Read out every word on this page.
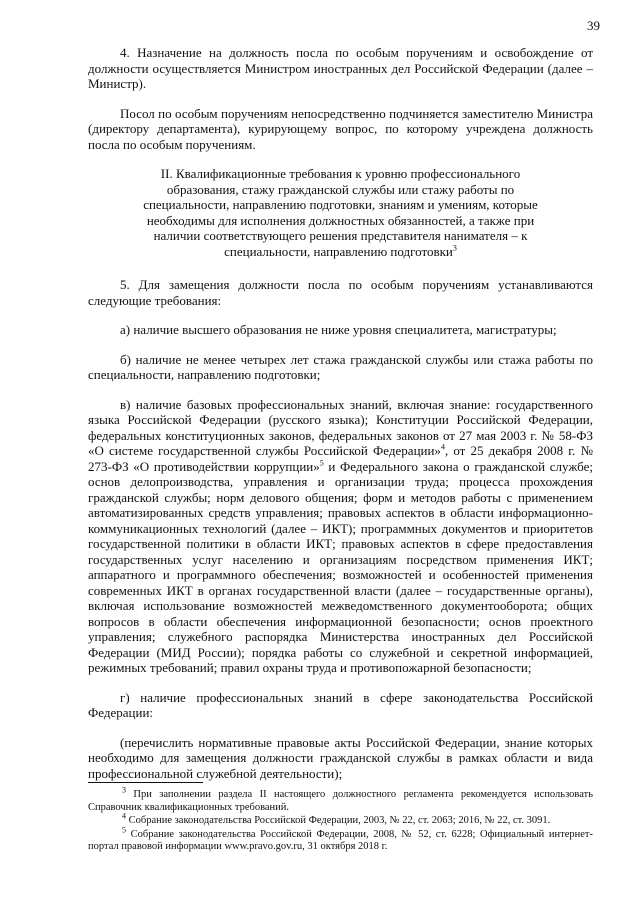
39

4. Назначение на должность посла по особым поручениям и освобождение от должности осуществляется Министром иностранных дел Российской Федерации (далее – Министр).

Посол по особым поручениям непосредственно подчиняется заместителю Министра (директору департамента), курирующему вопрос, по которому учреждена должность посла по особым поручениям.

II. Квалификационные требования к уровню профессионального образования, стажу гражданской службы или стажу работы по специальности, направлению подготовки, знаниям и умениям, которые необходимы для исполнения должностных обязанностей, а также при наличии соответствующего решения представителя нанимателя – к специальности, направлению подготовки$^3$

5. Для замещения должности посла по особым поручениям устанавливаются следующие требования:

а) наличие высшего образования не ниже уровня специалитета, магистратуры;

б) наличие не менее четырех лет стажа гражданской службы или стажа работы по специальности, направлению подготовки;

в) наличие базовых профессиональных знаний, включая знание: государственного языка Российской Федерации (русского языка); Конституции Российской Федерации, федеральных конституционных законов, федеральных законов от 27 мая 2003 г. № 58-ФЗ «О системе государственной службы Российской Федерации»$^4$, от 25 декабря 2008 г. № 273-ФЗ «О противодействии коррупции»$^5$ и Федерального закона о гражданской службе; основ делопроизводства, управления и организации труда; процесса прохождения гражданской службы; норм делового общения; форм и методов работы с применением автоматизированных средств управления; правовых аспектов в области информационно-коммуникационных технологий (далее – ИКТ); программных документов и приоритетов государственной политики в области ИКТ; правовых аспектов в сфере предоставления государственных услуг населению и организациям посредством применения ИКТ; аппаратного и программного обеспечения; возможностей и особенностей применения современных ИКТ в органах государственной власти (далее – государственные органы), включая использование возможностей межведомственного документооборота; общих вопросов в области обеспечения информационной безопасности; основ проектного управления; служебного распорядка Министерства иностранных дел Российской Федерации (МИД России); порядка работы со служебной и секретной информацией, режимных требований; правил охраны труда и противопожарной безопасности;

г) наличие профессиональных знаний в сфере законодательства Российской Федерации:

(перечислить нормативные правовые акты Российской Федерации, знание которых необходимо для замещения должности гражданской службы в рамках области и вида профессиональной служебной деятельности);

$^3$ При заполнении раздела II настоящего должностного регламента рекомендуется использовать Справочник квалификационных требований.

$^4$ Собрание законодательства Российской Федерации, 2003, № 22, ст. 2063; 2016, № 22, ст. 3091.

$^5$ Собрание законодательства Российской Федерации, 2008, № 52, ст. 6228; Официальный интернет-портал правовой информации www.pravo.gov.ru, 31 октября 2018 г.
